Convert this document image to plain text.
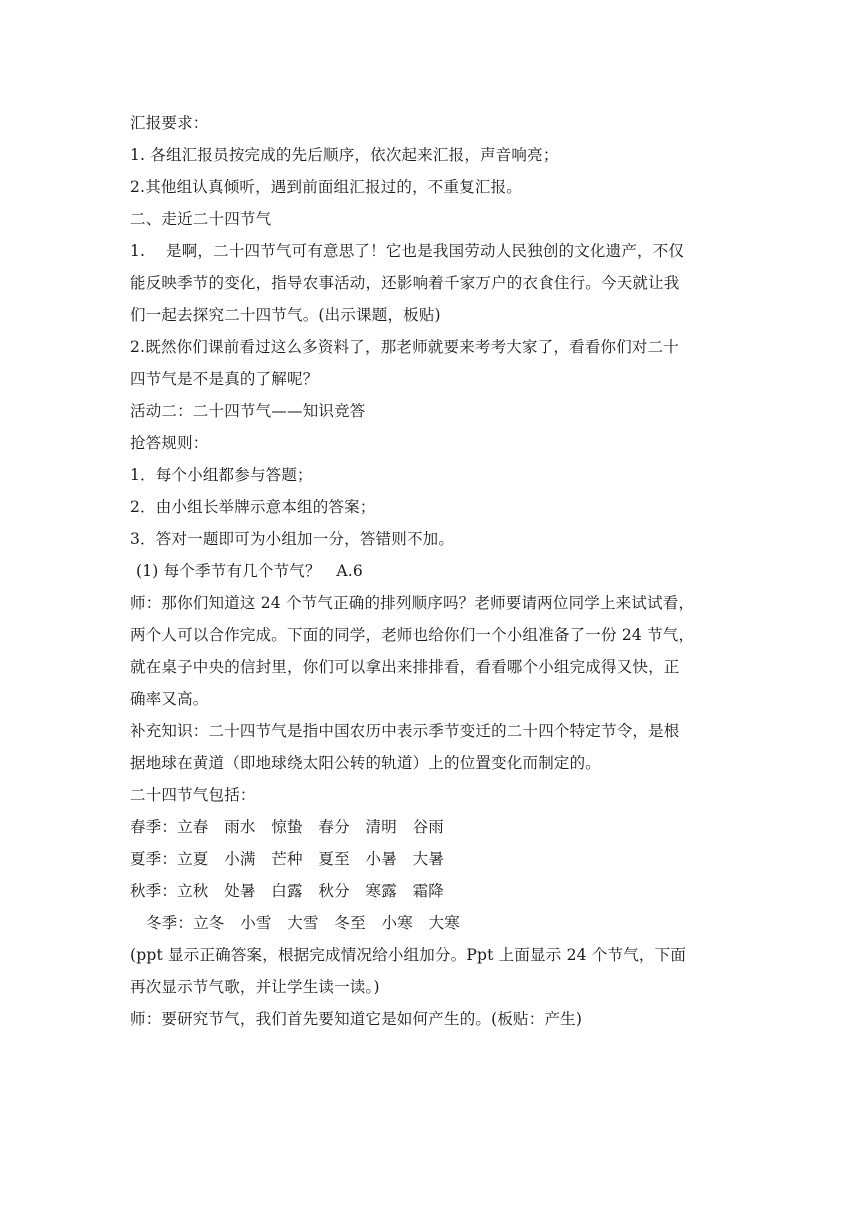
汇报要求：
1. 各组汇报员按完成的先后顺序，依次起来汇报，声音响亮；
2.其他组认真倾听，遇到前面组汇报过的，不重复汇报。
二、走近二十四节气
1.　 是啊，二十四节气可有意思了！它也是我国劳动人民独创的文化遗产，不仅
能反映季节的变化，指导农事活动，还影响着千家万户的衣食住行。今天就让我
们一起去探究二十四节气。(出示课题，板贴)
2.既然你们课前看过这么多资料了，那老师就要来考考大家了，看看你们对二十
四节气是不是真的了解呢？
活动二：二十四节气——知识竞答
抢答规则：
1．每个小组都参与答题；
2．由小组长举牌示意本组的答案；
3．答对一题即可为小组加一分，答错则不加。
(1) 每个季节有几个节气？　A.6
师：那你们知道这 24 个节气正确的排列顺序吗？老师要请两位同学上来试试看，
两个人可以合作完成。下面的同学，老师也给你们一个小组准备了一份 24 节气，
就在桌子中央的信封里，你们可以拿出来排排看，看看哪个小组完成得又快，正
确率又高。
补充知识：二十四节气是指中国农历中表示季节变迁的二十四个特定节令，是根
据地球在黄道（即地球绕太阳公转的轨道）上的位置变化而制定的。
二十四节气包括：
春季：立春　雨水　惊蛰　春分　清明　谷雨
夏季：立夏　小满　芒种　夏至　小暑　大暑
秋季：立秋　处暑　白露　秋分　寒露　霜降
冬季：立冬　小雪　大雪　冬至　小寒　大寒
(ppt 显示正确答案，根据完成情况给小组加分。Ppt 上面显示 24 个节气，下面
再次显示节气歌，并让学生读一读。)
师：要研究节气，我们首先要知道它是如何产生的。(板贴：产生)
